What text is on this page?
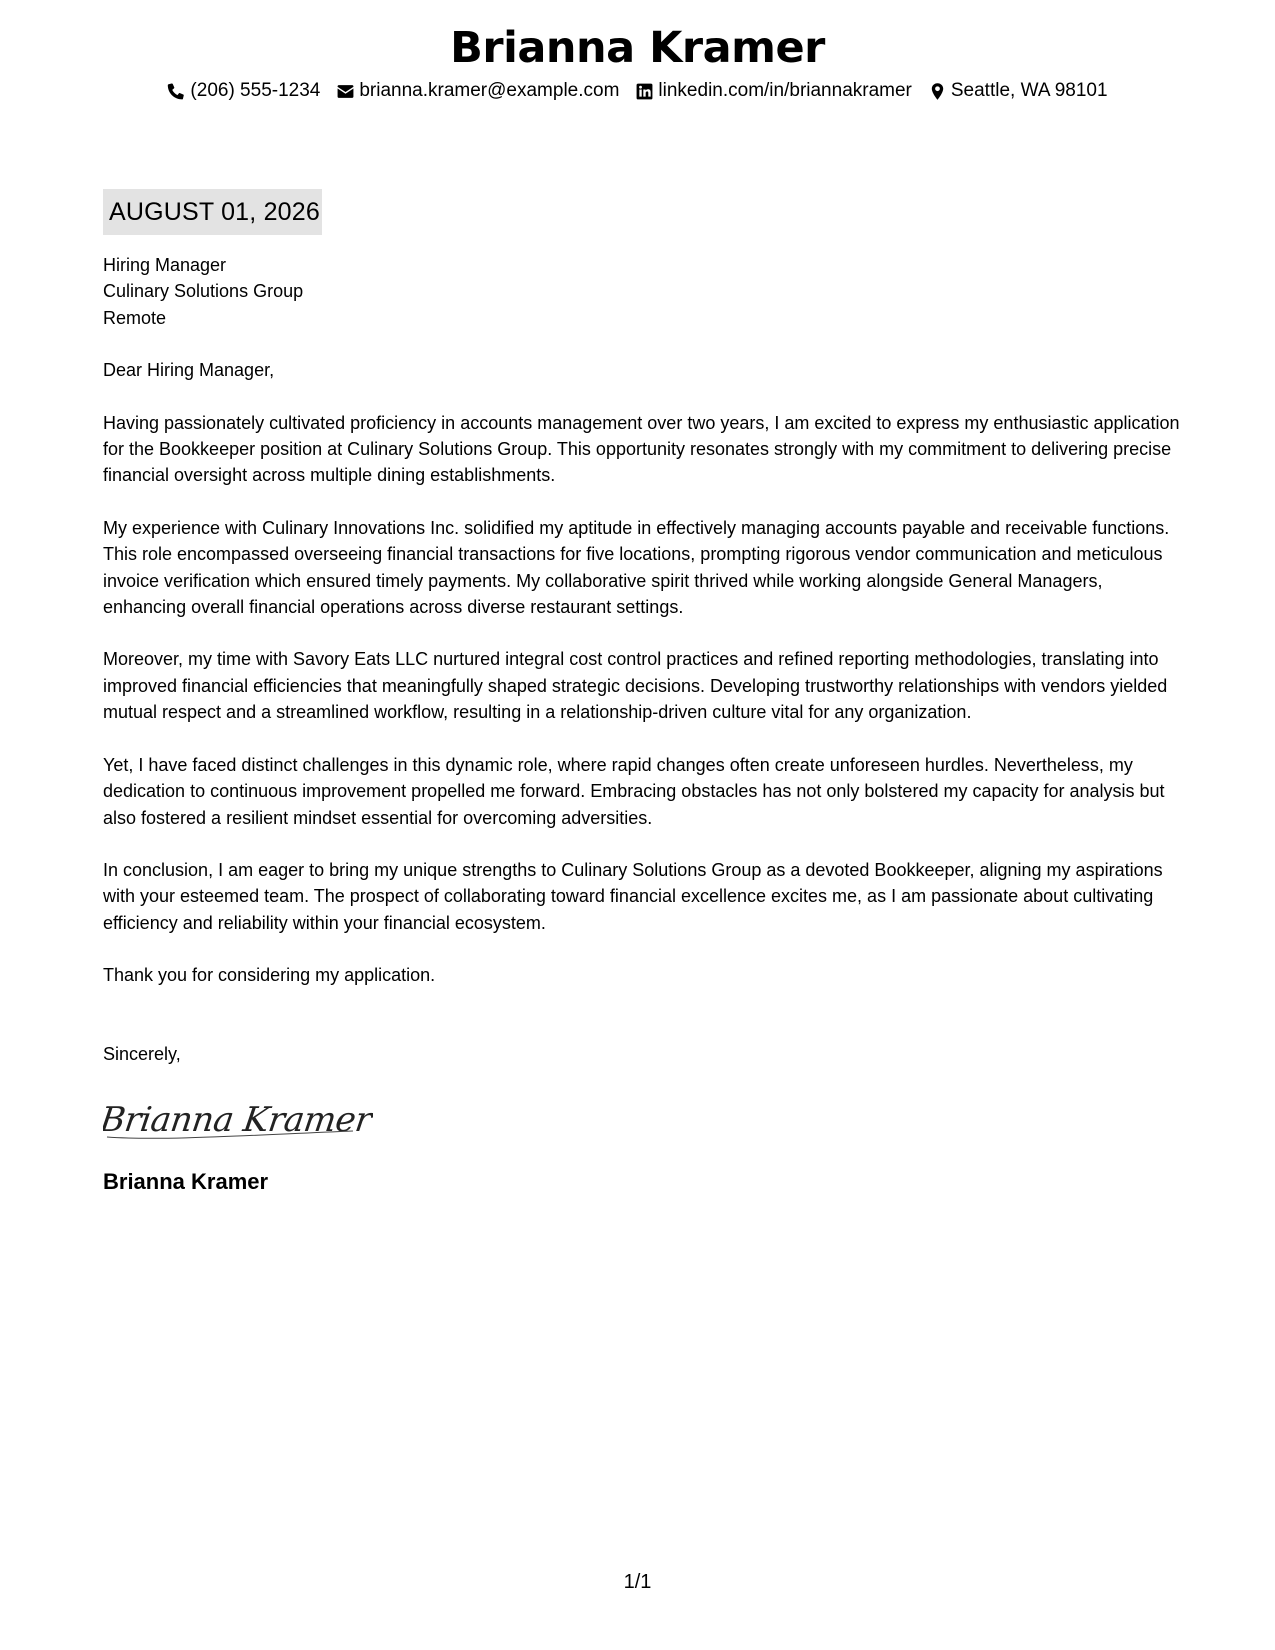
Brianna Kramer
(206) 555-1234 brianna.kramer@example.com linkedin.com/in/briannakramer Seattle, WA 98101
AUGUST 01, 2026

Hiring Manager

Culinary Solutions Group

Remote

Dear Hiring Manager,

Having passionately cultivated proficiency in accounts management over two years, I am excited to express my enthusiastic application for the Bookkeeper position at Culinary Solutions Group. This opportunity resonates strongly with my commitment to delivering precise financial oversight across multiple dining establishments.

My experience with Culinary Innovations Inc. solidified my aptitude in effectively managing accounts payable and receivable functions. This role encompassed overseeing financial transactions for five locations, prompting rigorous vendor communication and meticulous invoice verification which ensured timely payments. My collaborative spirit thrived while working alongside General Managers, enhancing overall financial operations across diverse restaurant settings.

Moreover, my time with Savory Eats LLC nurtured integral cost control practices and refined reporting methodologies, translating into improved financial efficiencies that meaningfully shaped strategic decisions. Developing trustworthy relationships with vendors yielded mutual respect and a streamlined workflow, resulting in a relationship-driven culture vital for any organization.

Yet, I have faced distinct challenges in this dynamic role, where rapid changes often create unforeseen hurdles. Nevertheless, my dedication to continuous improvement propelled me forward. Embracing obstacles has not only bolstered my capacity for analysis but also fostered a resilient mindset essential for overcoming adversities.

In conclusion, I am eager to bring my unique strengths to Culinary Solutions Group as a devoted Bookkeeper, aligning my aspirations with your esteemed team. The prospect of collaborating toward financial excellence excites me, as I am passionate about cultivating efficiency and reliability within your financial ecosystem.

Thank you for considering my application.

Sincerely,

Brianna Kramer

Brianna Kramer

1/1
